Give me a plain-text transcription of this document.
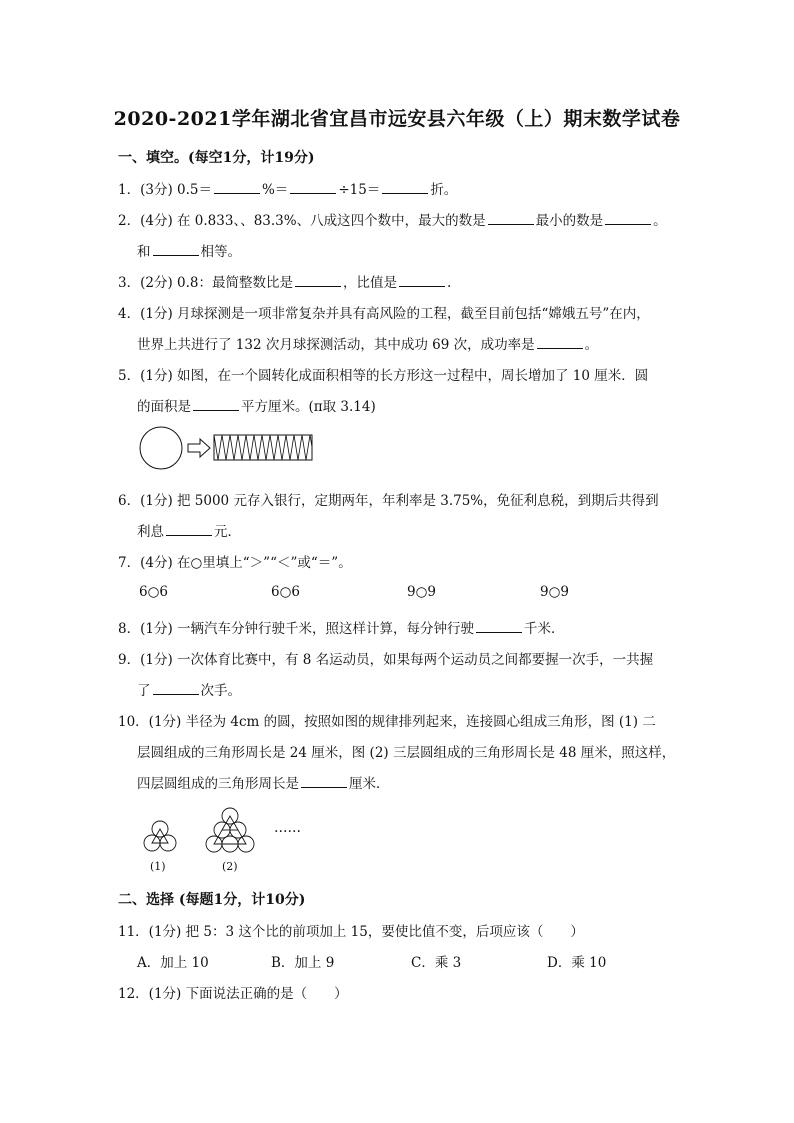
2020-2021学年湖北省宜昌市远安县六年级（上）期末数学试卷
一、填空。(每空1分，计19分)
1．(3分) 0.5＝	%＝	÷15＝	折。
2．(4分) 在 0.833、、83.3%、八成这四个数中，最大的数是	最小的数是	。
和	相等。
3．(2分) 0.8：最简整数比是	，比值是	.
4．(1分) 月球探测是一项非常复杂并具有高风险的工程，截至目前包括“嫦娥五号”在内，
世界上共进行了 132 次月球探测活动，其中成功 69 次，成功率是	。
5．(1分) 如图，在一个圆转化成面积相等的长方形这一过程中，周长增加了 10 厘米．圆
的面积是	平方厘米。(π取 3.14)
6．(1分) 把 5000 元存入银行，定期两年，年利率是 3.75%，免征利息税，到期后共得到
利息	元．
7．(4分) 在○里填上“＞”“＜”或“＝”。
6○6	6○6	9○9	9○9
8．(1分) 一辆汽车分钟行驶千米，照这样计算，每分钟行驶	千米．
9．(1分) 一次体育比赛中，有 8 名运动员，如果每两个运动员之间都要握一次手，一共握
了	次手。
10．(1分) 半径为 4cm 的圆，按照如图的规律排列起来，连接圆心组成三角形，图 (1) 二
层圆组成的三角形周长是 24 厘米，图 (2) 三层圆组成的三角形周长是 48 厘米，照这样，
四层圆组成的三角形周长是	厘米．
(1)	(2)
……
二、选择 (每题1分，计10分)
11．(1分) 把 5：3 这个比的前项加上 15，要使比值不变，后项应该（　　）
A．加上 10	B．加上 9	C．乘 3	D．乘 10
12．(1分) 下面说法正确的是（　　）
